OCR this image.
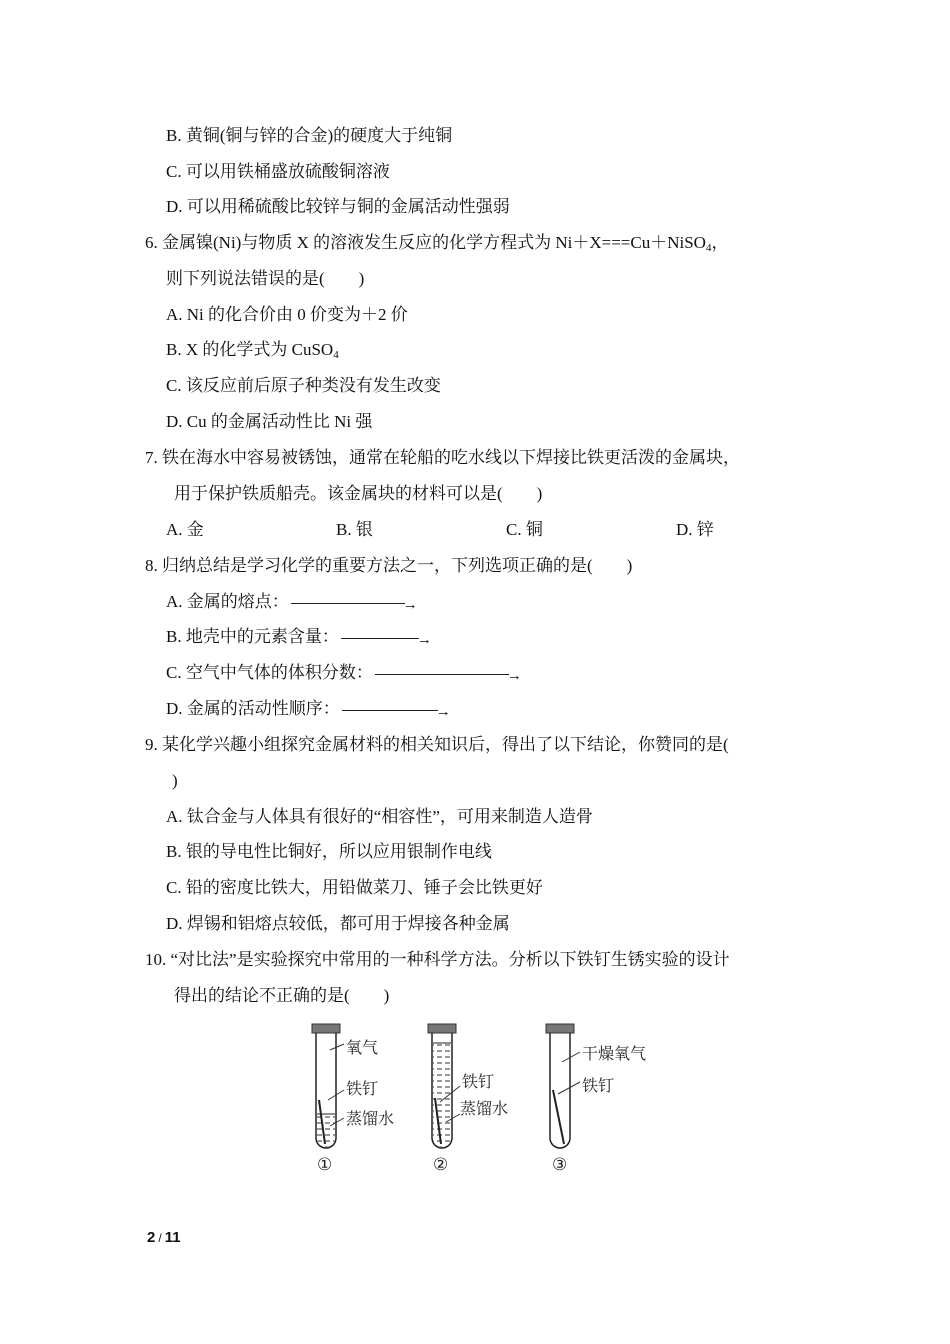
B. 黄铜(铜与锌的合金)的硬度大于纯铜
C. 可以用铁桶盛放硫酸铜溶液
D. 可以用稀硫酸比较锌与铜的金属活动性强弱
6. 金属镍(Ni)与物质 X 的溶液发生反应的化学方程式为 Ni＋X===Cu＋NiSO$_4$，
则下列说法错误的是(　　)
A. Ni 的化合价由 0 价变为＋2 价
B. X 的化学式为 CuSO$_4$
C. 该反应前后原子种类没有发生改变
D. Cu 的金属活动性比 Ni 强
7. 铁在海水中容易被锈蚀，通常在轮船的吃水线以下焊接比铁更活泼的金属块，
用于保护铁质船壳。该金属块的材料可以是(　　)
A. 金	B. 银	C. 铜	D. 锌
8. 归纳总结是学习化学的重要方法之一，下列选项正确的是(　　)
A. 金属的熔点：	→
B. 地壳中的元素含量：	→
C. 空气中气体的体积分数：	→
D. 金属的活动性顺序：	→
9. 某化学兴趣小组探究金属材料的相关知识后，得出了以下结论，你赞同的是(
)
A. 钛合金与人体具有很好的“相容性”，可用来制造人造骨
B. 银的导电性比铜好，所以应用银制作电线
C. 铅的密度比铁大，用铅做菜刀、锤子会比铁更好
D. 焊锡和铝熔点较低，都可用于焊接各种金属
10. “对比法”是实验探究中常用的一种科学方法。分析以下铁钉生锈实验的设计
得出的结论不正确的是(　　)
氧气
铁钉
蒸馏水
①
铁钉
蒸馏水
②
干燥氧气
铁钉
③
2 / 11
